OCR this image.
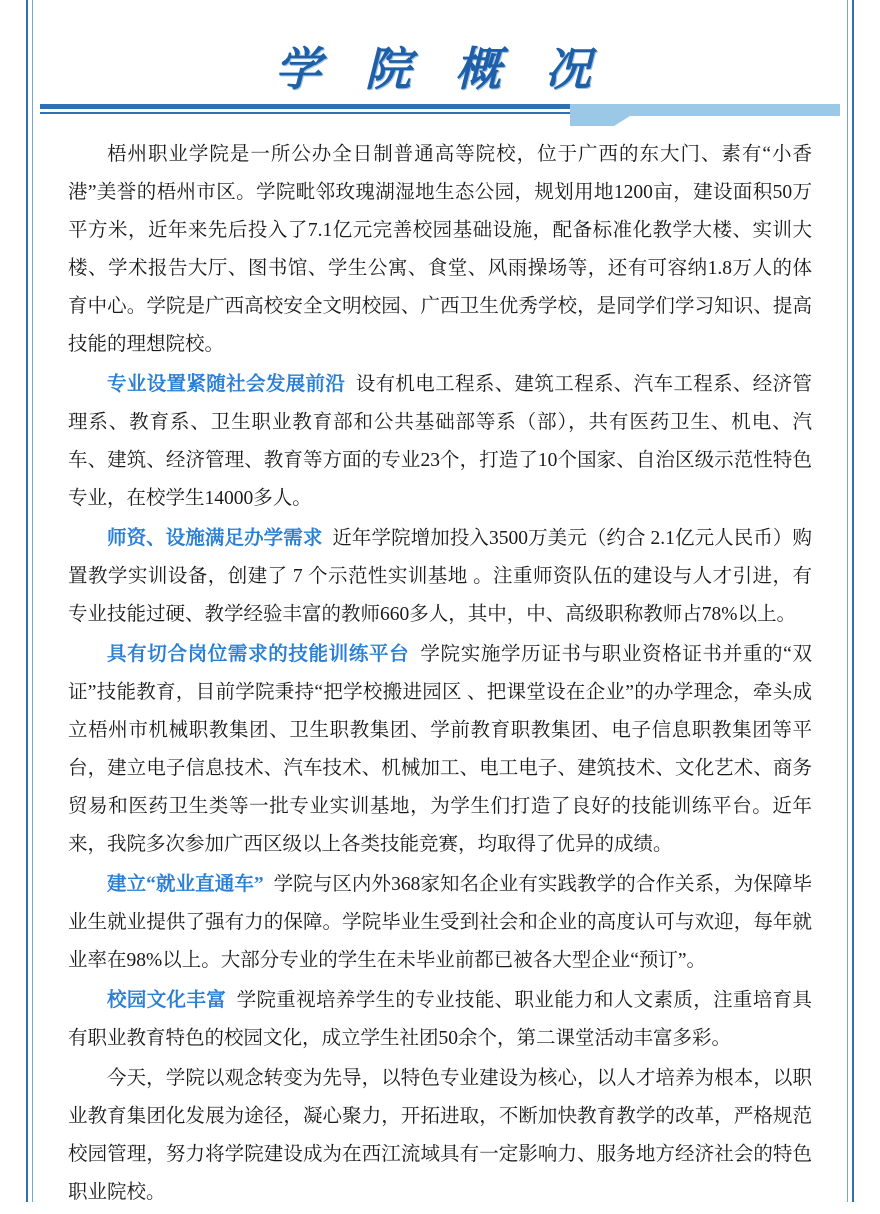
学 院 概 况
梧州职业学院是一所公办全日制普通高等院校，位于广西的东大门、素有“小香港”美誉的梧州市区。学院毗邻玫瑰湖湿地生态公园，规划用地1200亩，建设面积50万平方米，近年来先后投入了7.1亿元完善校园基础设施，配备标准化教学大楼、实训大楼、学术报告大厅、图书馆、学生公寓、食堂、风雨操场等，还有可容纳1.8万人的体育中心。学院是广西高校安全文明校园、广西卫生优秀学校，是同学们学习知识、提高技能的理想院校。
专业设置紧随社会发展前沿 设有机电工程系、建筑工程系、汽车工程系、经济管理系、教育系、卫生职业教育部和公共基础部等系（部），共有医药卫生、机电、汽车、建筑、经济管理、教育等方面的专业23个，打造了10个国家、自治区级示范性特色专业，在校学生14000多人。
师资、设施满足办学需求 近年学院增加投入3500万美元（约合 2.1亿元人民币）购置教学实训设备，创建了 7 个示范性实训基地 。注重师资队伍的建设与人才引进，有专业技能过硬、教学经验丰富的教师660多人，其中，中、高级职称教师占78%以上。
具有切合岗位需求的技能训练平台 学院实施学历证书与职业资格证书并重的“双证”技能教育，目前学院秉持“把学校搬进园区 、把课堂设在企业”的办学理念，牵头成立梧州市机械职教集团、卫生职教集团、学前教育职教集团、电子信息职教集团等平台，建立电子信息技术、汽车技术、机械加工、电工电子、建筑技术、文化艺术、商务贸易和医药卫生类等一批专业实训基地，为学生们打造了良好的技能训练平台。近年来，我院多次参加广西区级以上各类技能竞赛，均取得了优异的成绩。
建立“就业直通车” 学院与区内外368家知名企业有实践教学的合作关系，为保障毕业生就业提供了强有力的保障。学院毕业生受到社会和企业的高度认可与欢迎，每年就业率在98%以上。大部分专业的学生在未毕业前都已被各大型企业“预订”。
校园文化丰富 学院重视培养学生的专业技能、职业能力和人文素质，注重培育具有职业教育特色的校园文化，成立学生社团50余个，第二课堂活动丰富多彩。
今天，学院以观念转变为先导，以特色专业建设为核心，以人才培养为根本，以职业教育集团化发展为途径，凝心聚力，开拓进取，不断加快教育教学的改革，严格规范校园管理，努力将学院建设成为在西江流域具有一定影响力、服务地方经济社会的特色职业院校。
